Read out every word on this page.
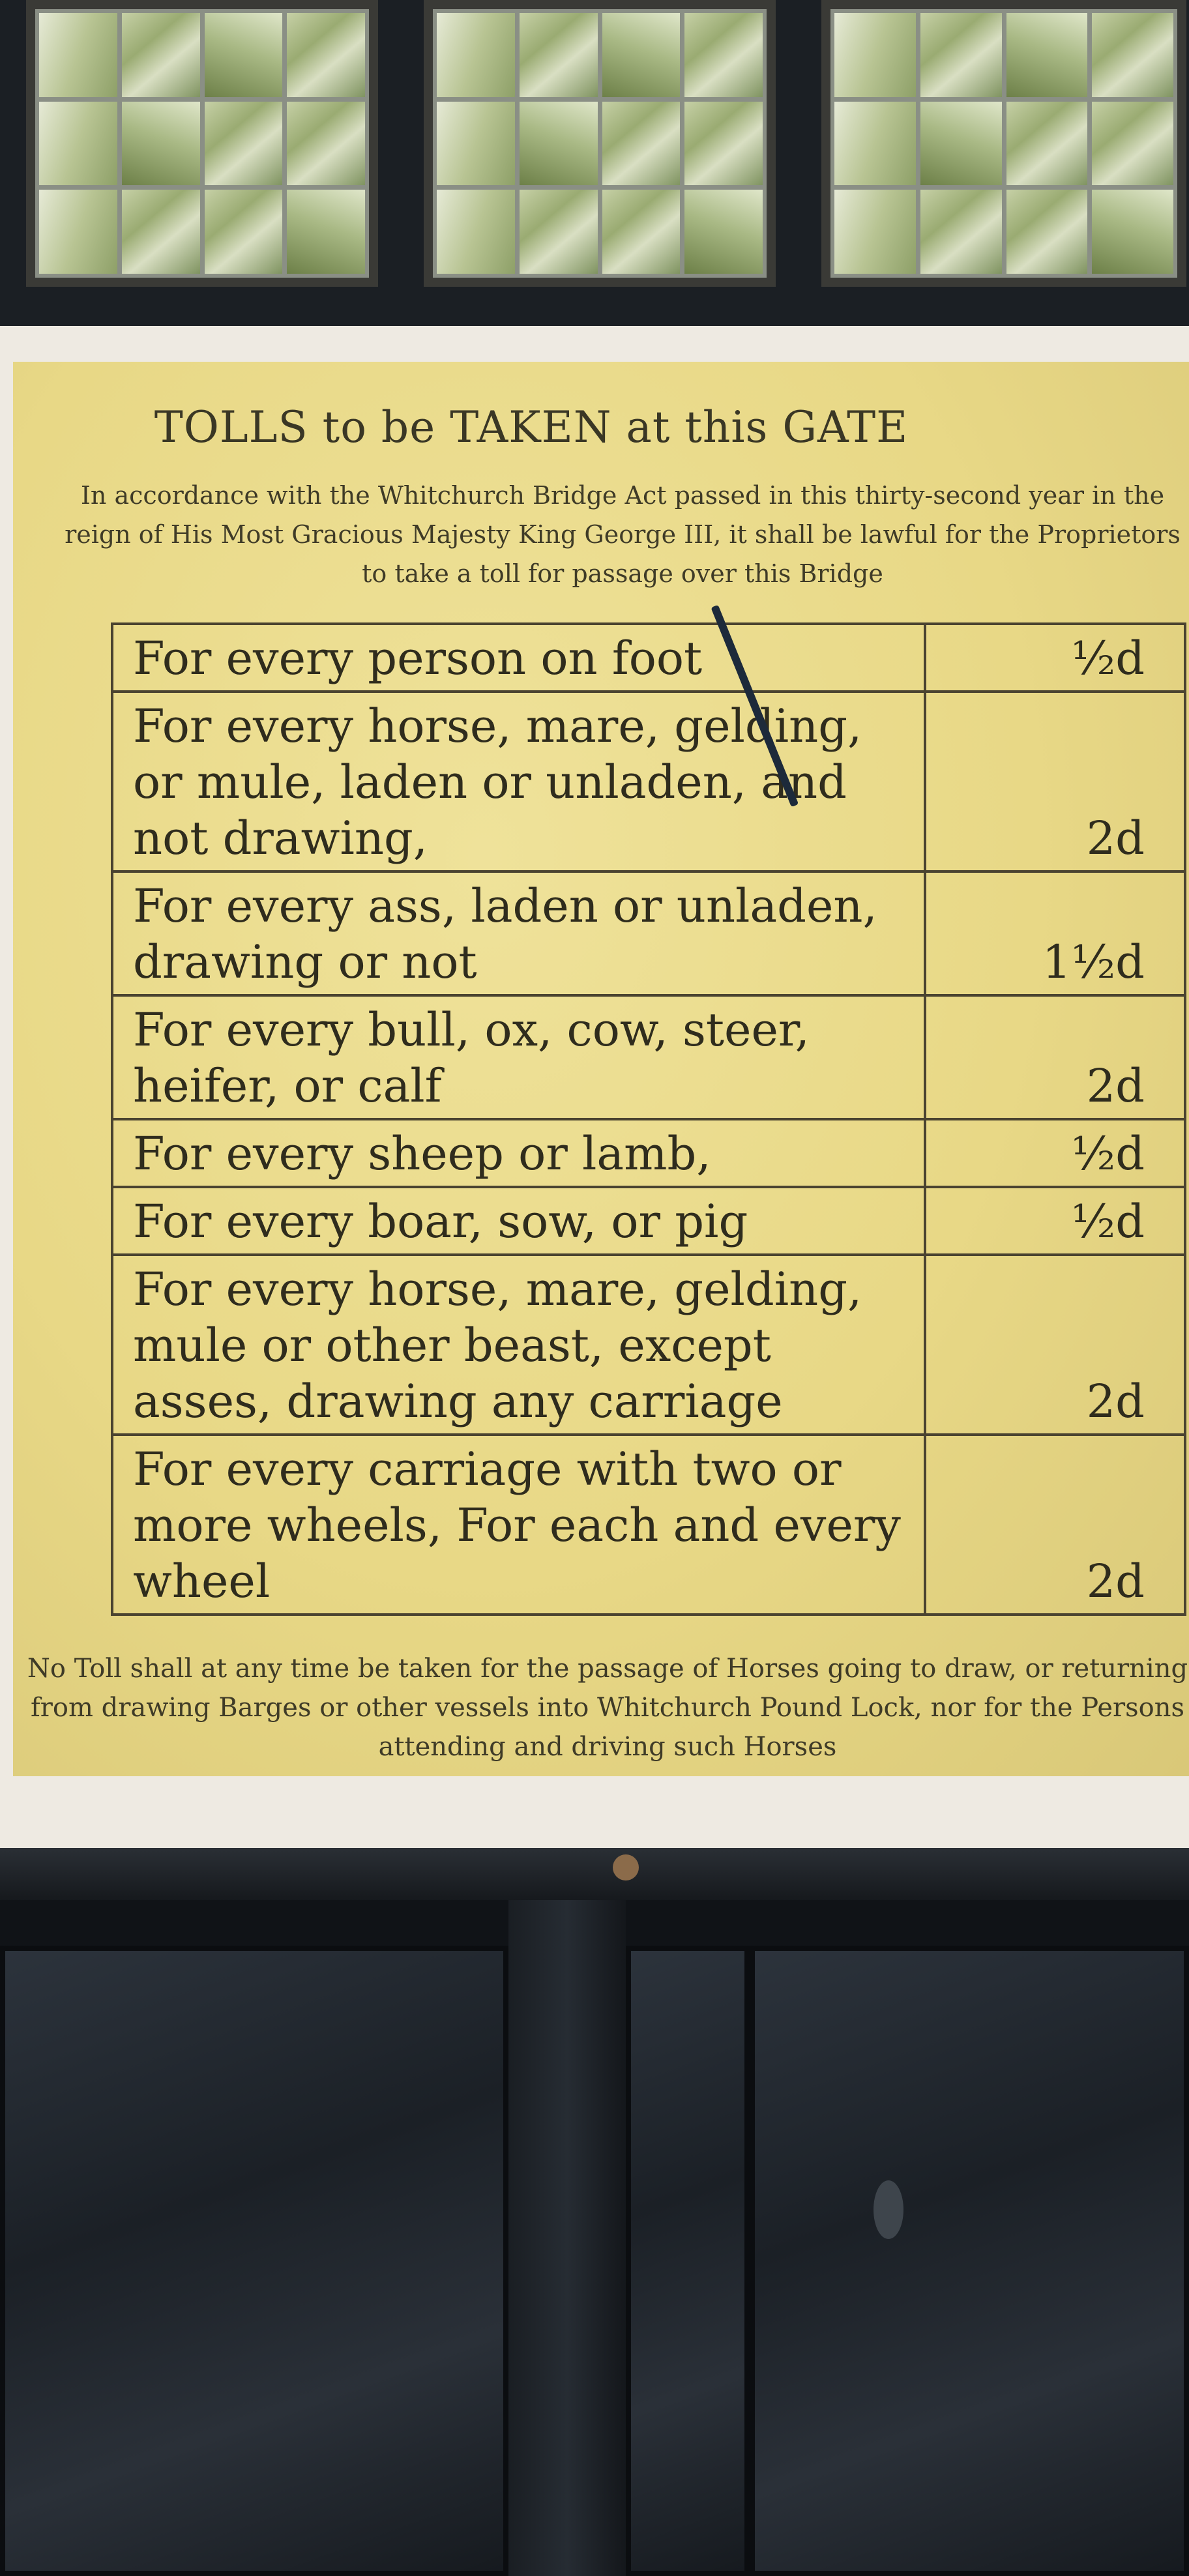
TOLLS to be TAKEN at this GATE
In accordance with the Whitchurch Bridge Act passed in this thirty-second year in the reign of His Most Gracious Majesty King George III, it shall be lawful for the Proprietors to take a toll for passage over this Bridge
For every person on foot	½d
For every horse, mare, gelding, or mule, laden or unladen, and not drawing,	2d
For every ass, laden or unladen, drawing or not	1½d
For every bull, ox, cow, steer, heifer, or calf	2d
For every sheep or lamb,	½d
For every boar, sow, or pig	½d
For every horse, mare, gelding, mule or other beast, except asses, drawing any carriage	2d
For every carriage with two or more wheels, For each and every wheel	2d
No Toll shall at any time be taken for the passage of Horses going to draw, or returning from drawing Barges or other vessels into Whitchurch Pound Lock, nor for the Persons attending and driving such Horses
